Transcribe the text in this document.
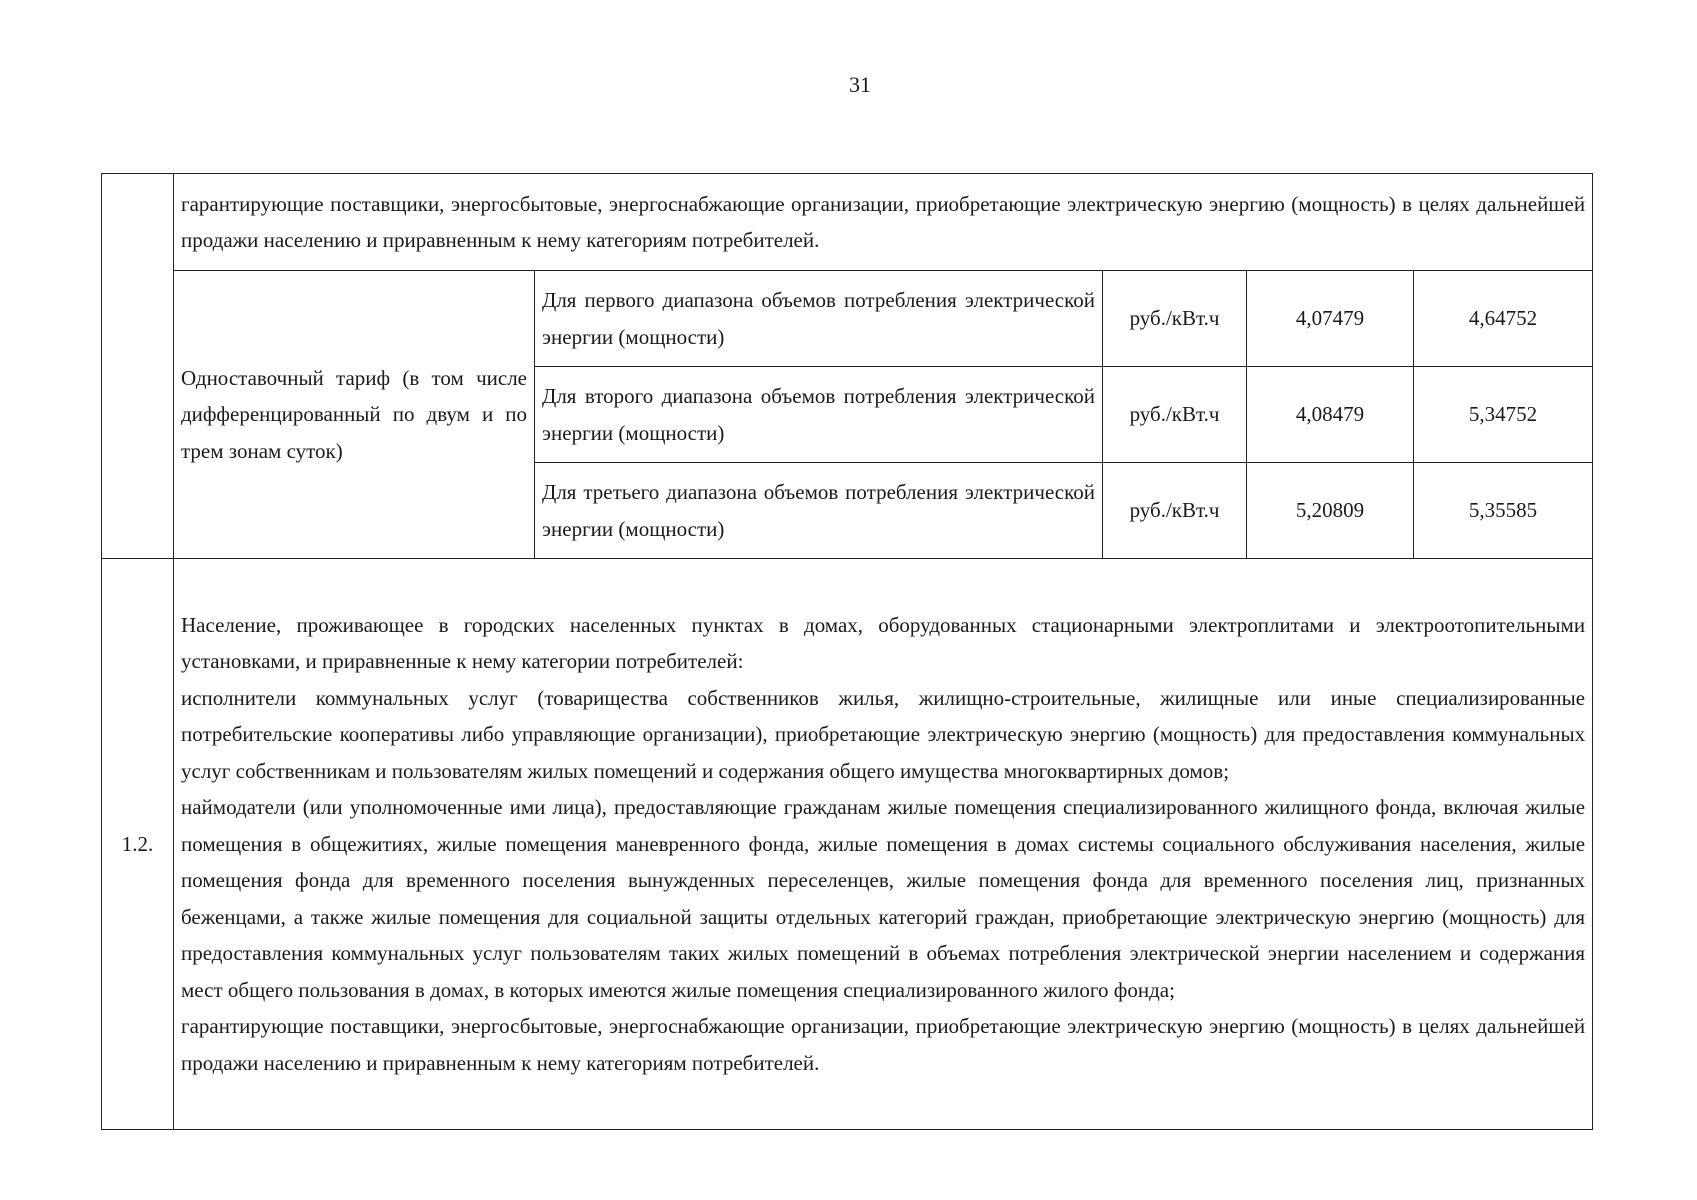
31
	гарантирующие поставщики, энергосбытовые, энергоснабжающие организации, приобретающие электрическую энергию (мощность) в целях дальнейшей продажи населению и приравненным к нему категориям потребителей.				
	Одноставочный тариф (в том числе дифференцированный по двум и по трем зонам суток)	Для первого диапазона объемов потребления электрической энергии (мощности)	руб./кВт.ч	4,07479	4,64752
		Для второго диапазона объемов потребления электрической энергии (мощности)	руб./кВт.ч	4,08479	5,34752
		Для третьего диапазона объемов потребления электрической энергии (мощности)	руб./кВт.ч	5,20809	5,35585
1.2.	Население, проживающее в городских населенных пунктах в домах, оборудованных стационарными электроплитами и электроотопительными установками, и приравненные к нему категории потребителей:

исполнители коммунальных услуг (товарищества собственников жилья, жилищно-строительные, жилищные или иные специализированные потребительские кооперативы либо управляющие организации), приобретающие электрическую энергию (мощность) для предоставления коммунальных услуг собственникам и пользователям жилых помещений и содержания общего имущества многоквартирных домов;

наймодатели (или уполномоченные ими лица), предоставляющие гражданам жилые помещения специализированного жилищного фонда, включая жилые помещения в общежитиях, жилые помещения маневренного фонда, жилые помещения в домах системы социального обслуживания населения, жилые помещения фонда для временного поселения вынужденных переселенцев, жилые помещения фонда для временного поселения лиц, признанных беженцами, а также жилые помещения для социальной защиты отдельных категорий граждан, приобретающие электрическую энергию (мощность) для предоставления коммунальных услуг пользователям таких жилых помещений в объемах потребления электрической энергии населением и содержания мест общего пользования в домах, в которых имеются жилые помещения специализированного жилого фонда;

гарантирующие поставщики, энергосбытовые, энергоснабжающие организации, приобретающие электрическую энергию (мощность) в целях дальнейшей продажи населению и приравненным к нему категориям потребителей.				
